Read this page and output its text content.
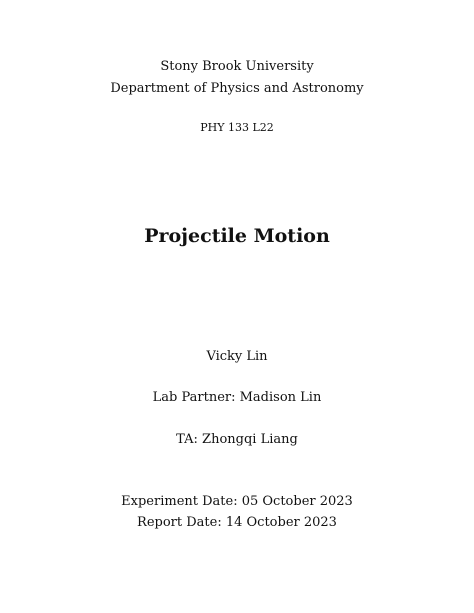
Stony Brook University
Department of Physics and Astronomy
PHY 133 L22
Projectile Motion
Vicky Lin
Lab Partner: Madison Lin
TA: Zhongqi Liang
Experiment Date: 05 October 2023
Report Date: 14 October 2023
